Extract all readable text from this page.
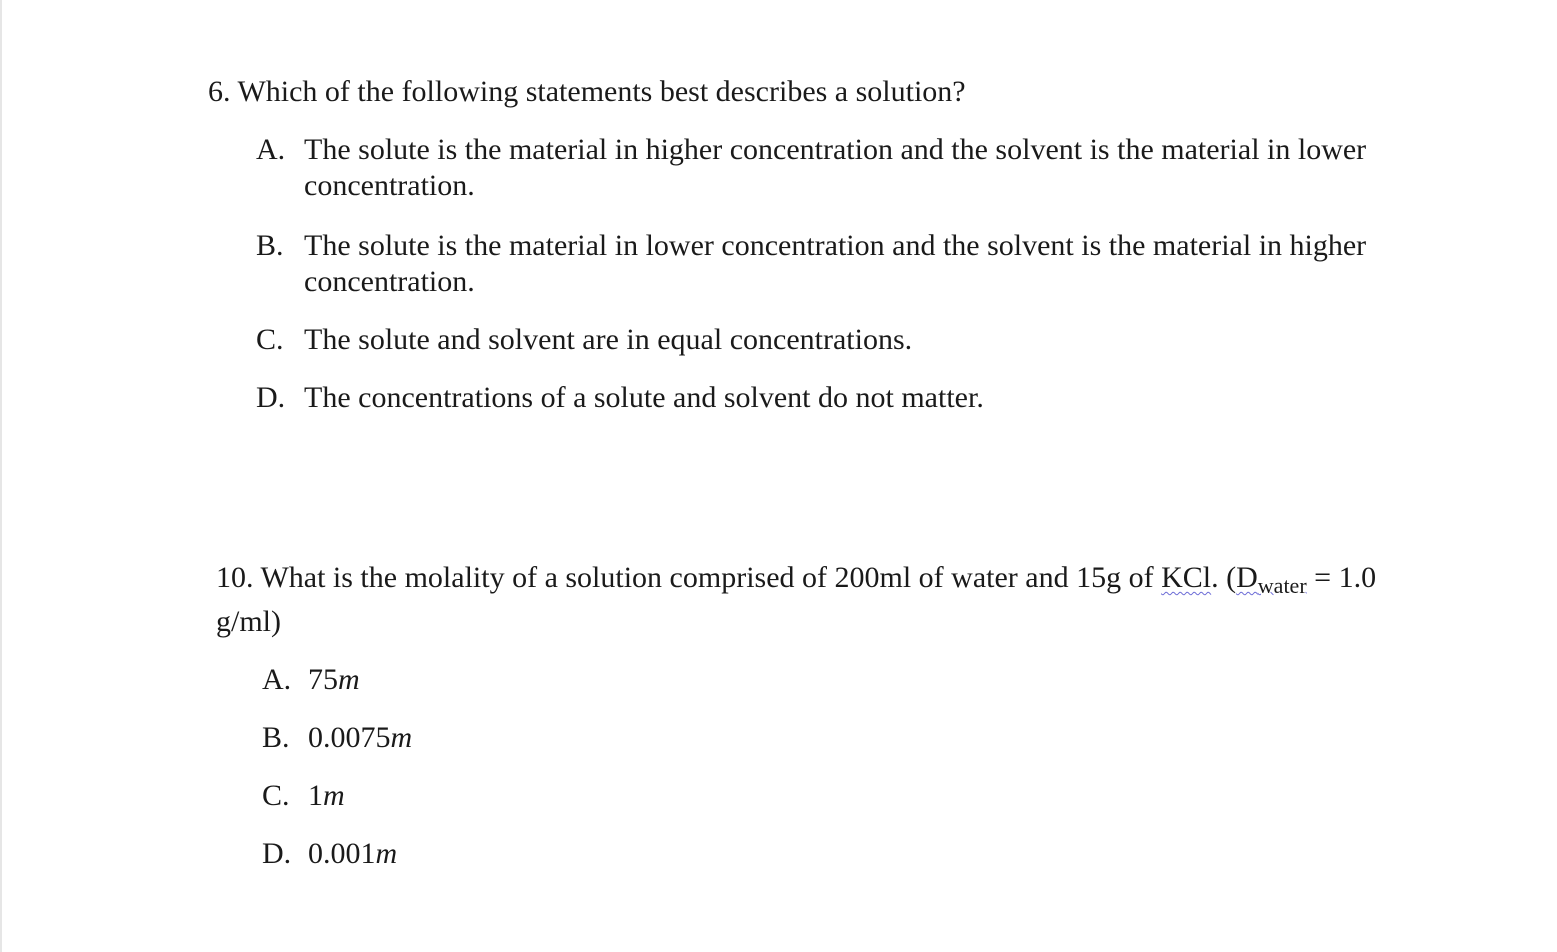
6. Which of the following statements best describes a solution?

A. The solute is the material in higher concentration and the solvent is the material in lower concentration.
B. The solute is the material in lower concentration and the solvent is the material in higher concentration.
C. The solute and solvent are in equal concentrations.
D. The concentrations of a solute and solvent do not matter.

10. What is the molality of a solution comprised of 200ml of water and 15g of KCl. ($D_{water} = 1.0$ g/ml)

A. 75m
B. 0.0075m
C. 1m
D. 0.001m
